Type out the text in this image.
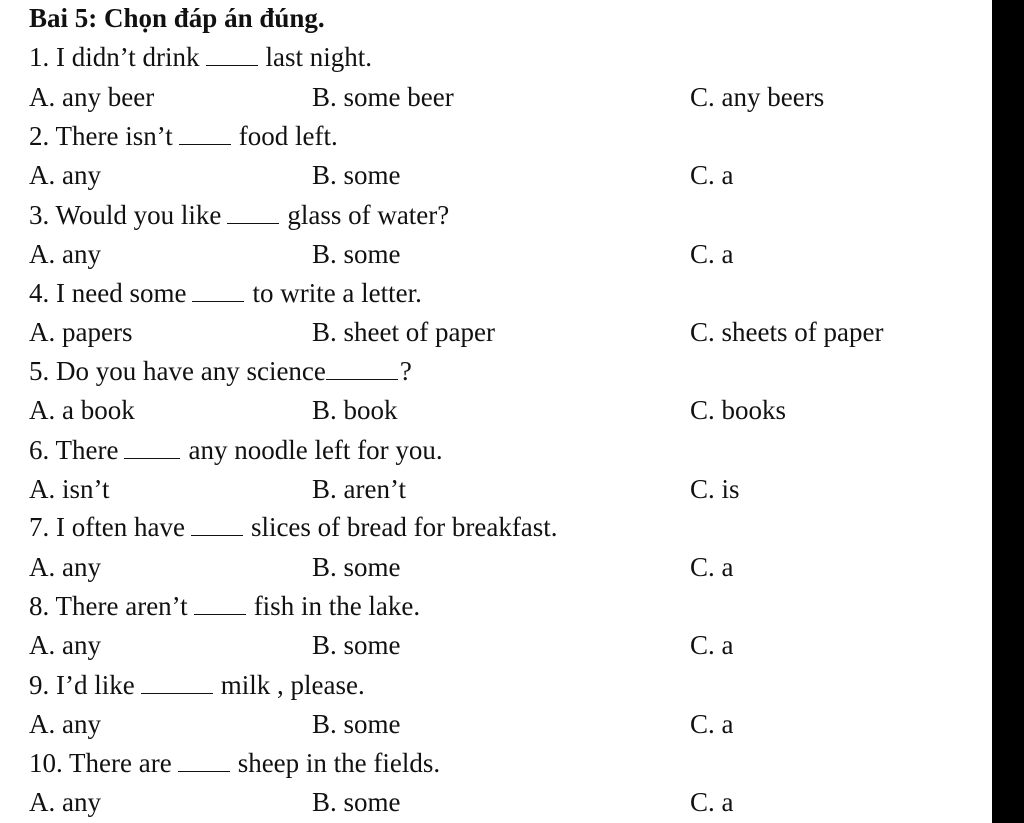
Bai 5: Chọn đáp án đúng.
1. I didn’t drink last night.
A. any beer	B. some beer	C. any beers
2. There isn’t food left.
A. any	B. some	C. a
3. Would you like glass of water?
A. any	B. some	C. a
4. I need some to write a letter.
A. papers	B. sheet of paper	C. sheets of paper
5. Do you have any science	?
A. a book	B. book	C. books
6. There	any noodle left for you.
A. isn’t	B. aren’t	C. is
7. I often have slices of bread for breakfast.
A. any	B. some	C. a
8. There aren’t fish in the lake.
A. any	B. some	C. a
9. I’d like	milk , please.
A. any	B. some	C. a
10. There are sheep in the fields.
A. any	B. some	C. a
